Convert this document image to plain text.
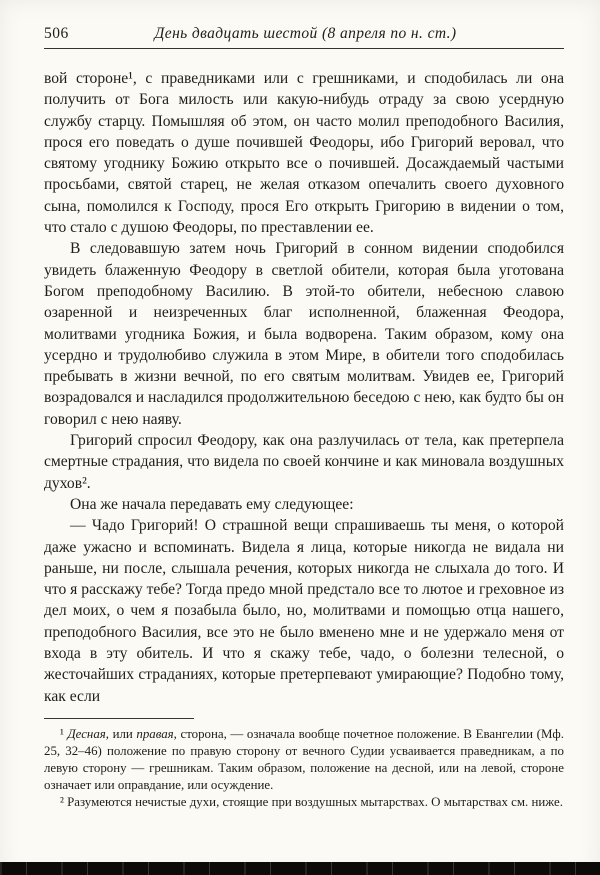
506	День двадцать шестой (8 апреля по н. ст.)

вой стороне¹, с праведниками или с грешниками, и сподобилась ли она получить от Бога милость или какую-нибудь отраду за свою усердную службу старцу. Помышляя об этом, он часто молил преподобного Василия, прося его поведать о душе почившей Феодоры, ибо Григорий веровал, что святому угоднику Божию открыто все о почившей. Досаждаемый частыми просьбами, святой старец, не желая отказом опечалить своего духовного сына, помолился к Господу, прося Его открыть Григорию в видении о том, что стало с душою Феодоры, по преставлении ее.

В следовавшую затем ночь Григорий в сонном видении сподобился увидеть блаженную Феодору в светлой обители, которая была уготована Богом преподобному Василию. В этой-то обители, небесною славою озаренной и неизреченных благ исполненной, блаженная Феодора, молитвами угодника Божия, и была водворена. Таким образом, кому она усердно и трудолюбиво служила в этом Мире, в обители того сподобилась пребывать в жизни вечной, по его святым молитвам. Увидев ее, Григорий возрадовался и насладился продолжительною беседою с нею, как будто бы он говорил с нею наяву.

Григорий спросил Феодору, как она разлучилась от тела, как претерпела смертные страдания, что видела по своей кончине и как миновала воздушных духов².

Она же начала передавать ему следующее:

— Чадо Григорий! О страшной вещи спрашиваешь ты меня, о которой даже ужасно и вспоминать. Видела я лица, которые никогда не видала ни раньше, ни после, слышала речения, которых никогда не слыхала до того. И что я расскажу тебе? Тогда предо мной предстало все то лютое и греховное из дел моих, о чем я позабыла было, но, молитвами и помощью отца нашего, преподобного Василия, все это не было вменено мне и не удержало меня от входа в эту обитель. И что я скажу тебе, чадо, о болезни телесной, о жесточайших страданиях, которые претерпевают умирающие? Подобно тому, как если

¹ Десная, или правая, сторона, — означала вообще почетное положение. В Евангелии (Мф. 25, 32–46) положение по правую сторону от вечного Судии усваивается праведникам, а по левую сторону — грешникам. Таким образом, положение на десной, или на левой, стороне означает или оправдание, или осуждение.

² Разумеются нечистые духи, стоящие при воздушных мытарствах. О мытарствах см. ниже.
